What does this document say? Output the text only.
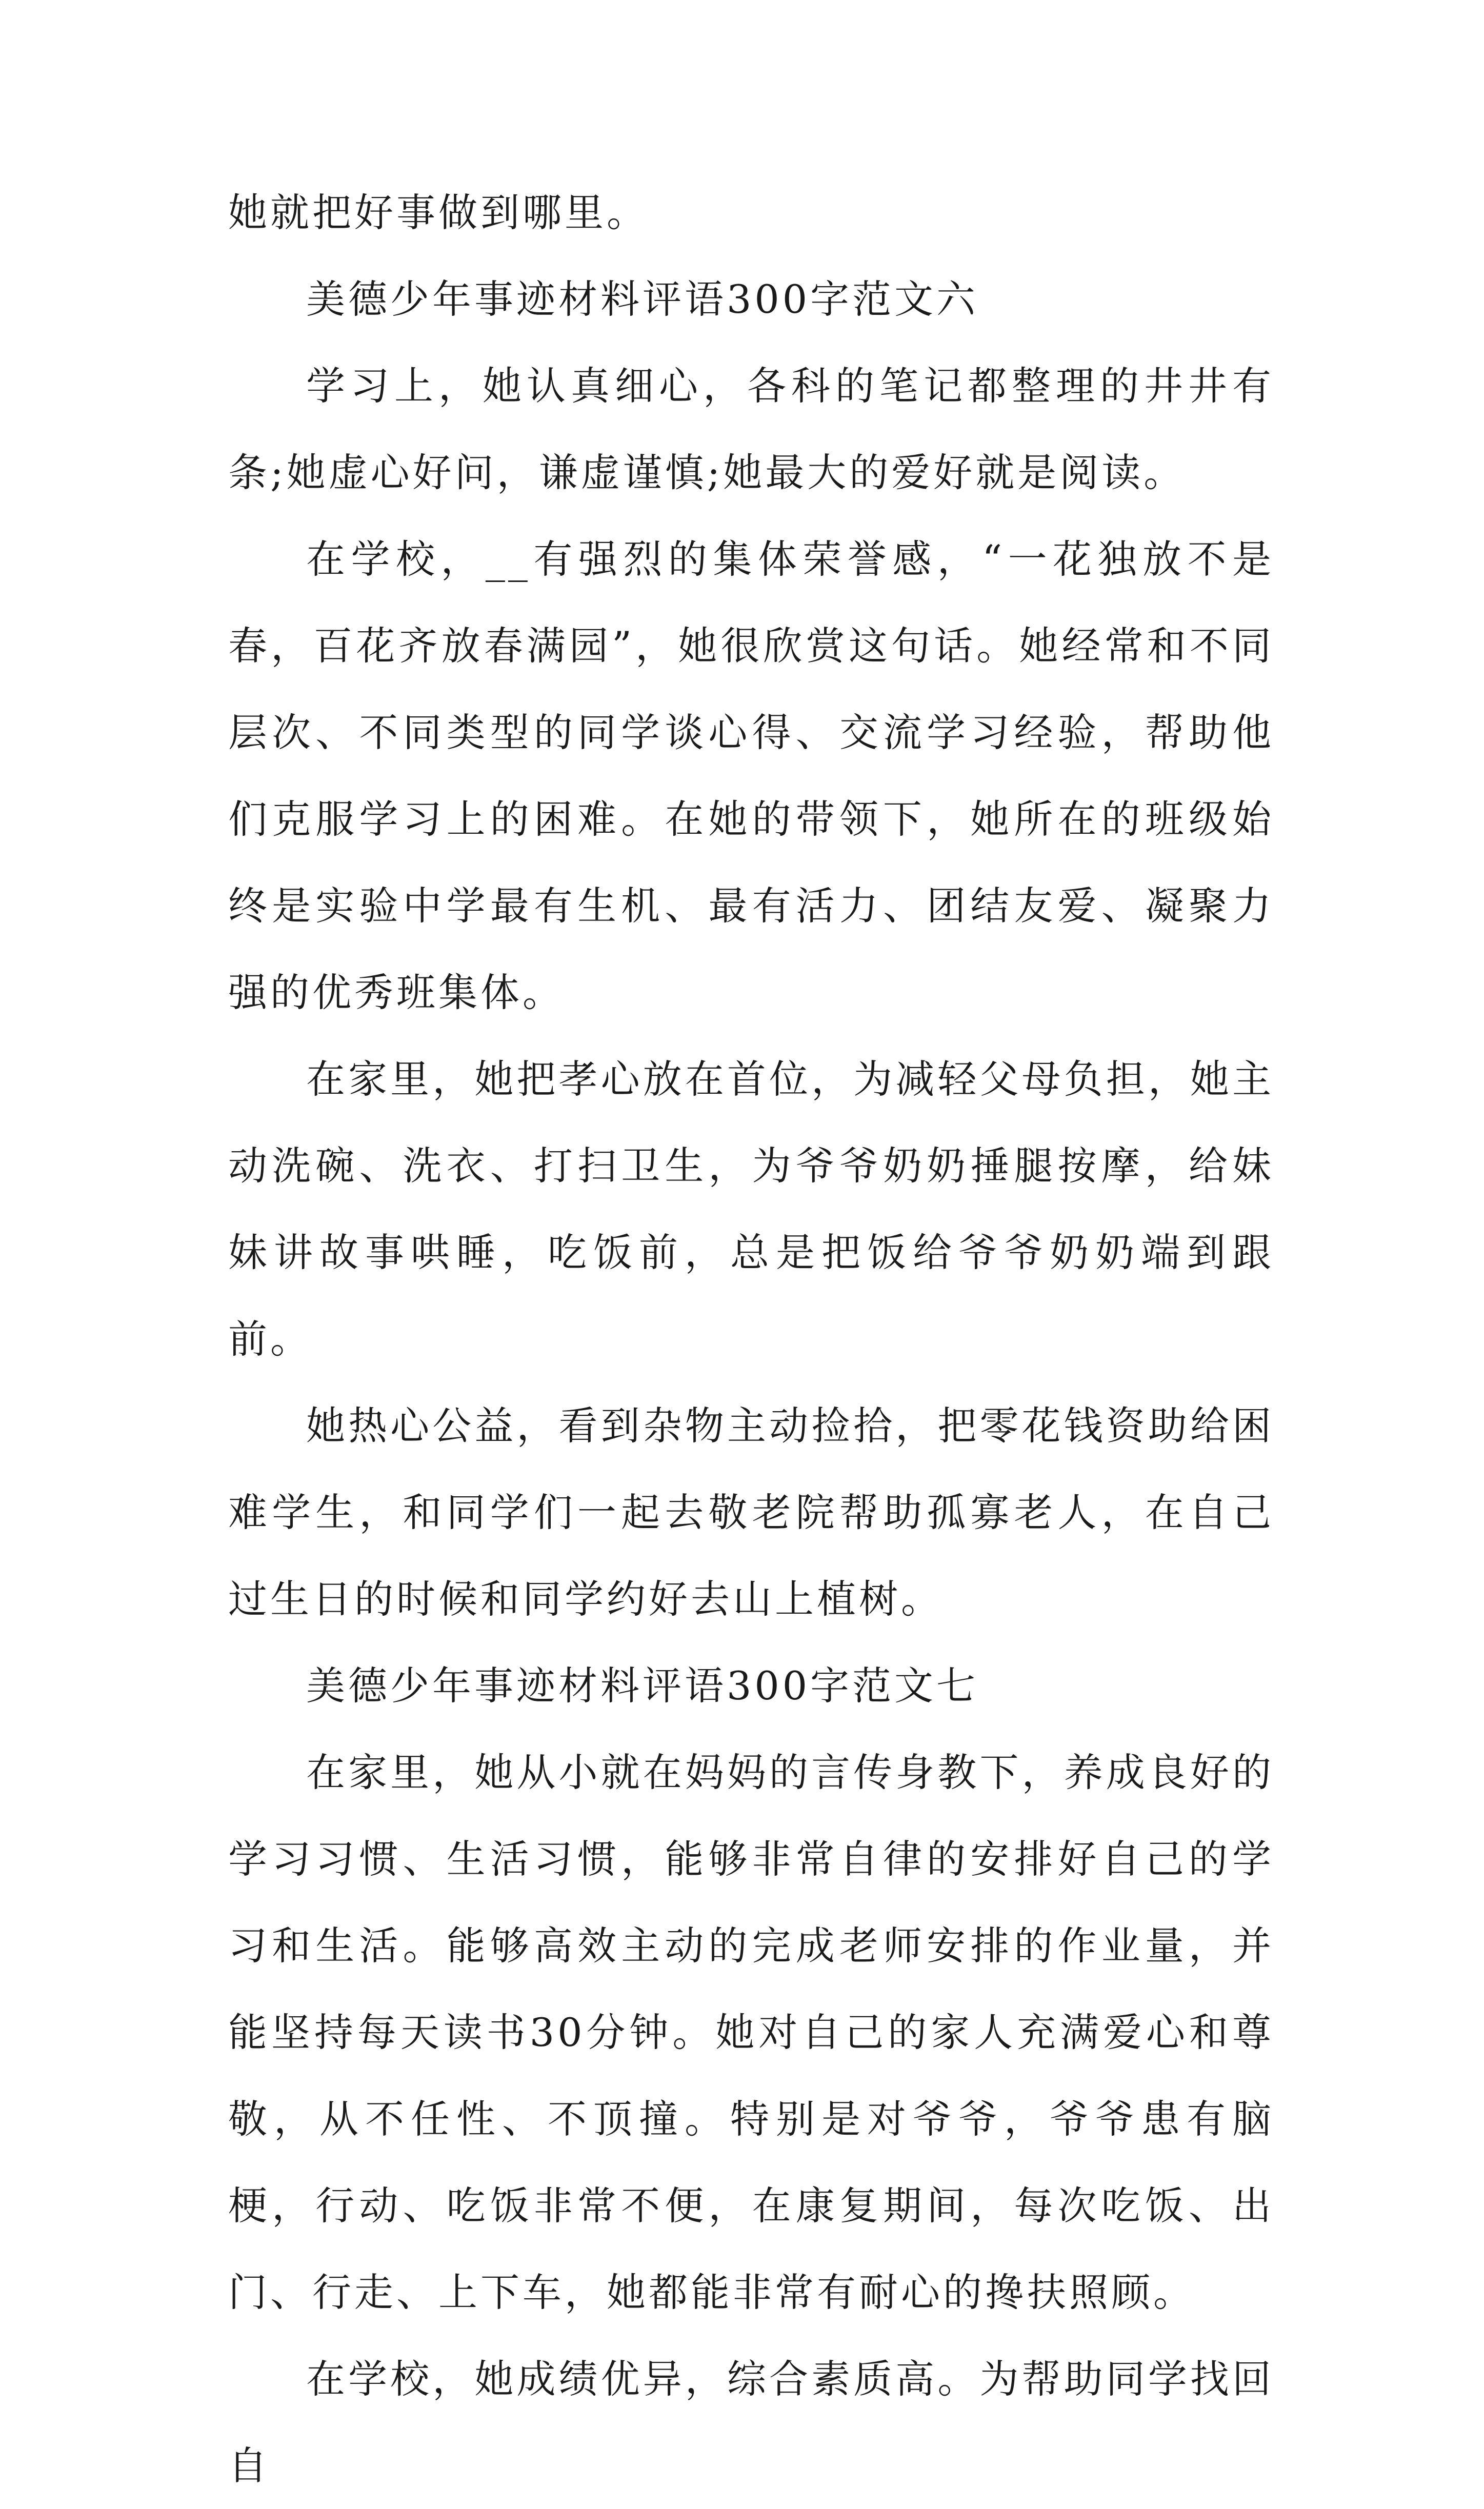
她就把好事做到哪里。

美德少年事迹材料评语300字范文六

学习上，她认真细心，各科的笔记都整理的井井有条;她虚心好问，谦虚谨慎;她最大的爱好就是阅读。

在学校，__有强烈的集体荣誉感，“一花独放不是春，百花齐放春满园”，她很欣赏这句话。她经常和不同层次、不同类型的同学谈心得、交流学习经验，帮助他们克服学习上的困难。在她的带领下，她所在的班级始终是实验中学最有生机、最有活力、团结友爱、凝聚力强的优秀班集体。

在家里，她把孝心放在首位，为减轻父母负担，她主动洗碗、洗衣、打扫卫生，为爷爷奶奶捶腿按摩，给妹妹讲故事哄睡，吃饭前，总是把饭给爷爷奶奶端到跟前。

她热心公益，看到杂物主动捡拾，把零花钱资助给困难学生，和同学们一起去敬老院帮助孤寡老人，在自己过生日的时候和同学约好去山上植树。

美德少年事迹材料评语300字范文七

在家里，她从小就在妈妈的言传身教下，养成良好的学习习惯、生活习惯，能够非常自律的安排好自己的学习和生活。能够高效主动的完成老师安排的作业量，并能坚持每天读书30分钟。她对自己的家人充满爱心和尊敬，从不任性、不顶撞。特别是对爷爷，爷爷患有脑梗，行动、吃饭非常不便，在康复期间，每次吃饭、出门、行走、上下车，她都能非常有耐心的搀扶照顾。

在学校，她成绩优异，综合素质高。为帮助同学找回自
